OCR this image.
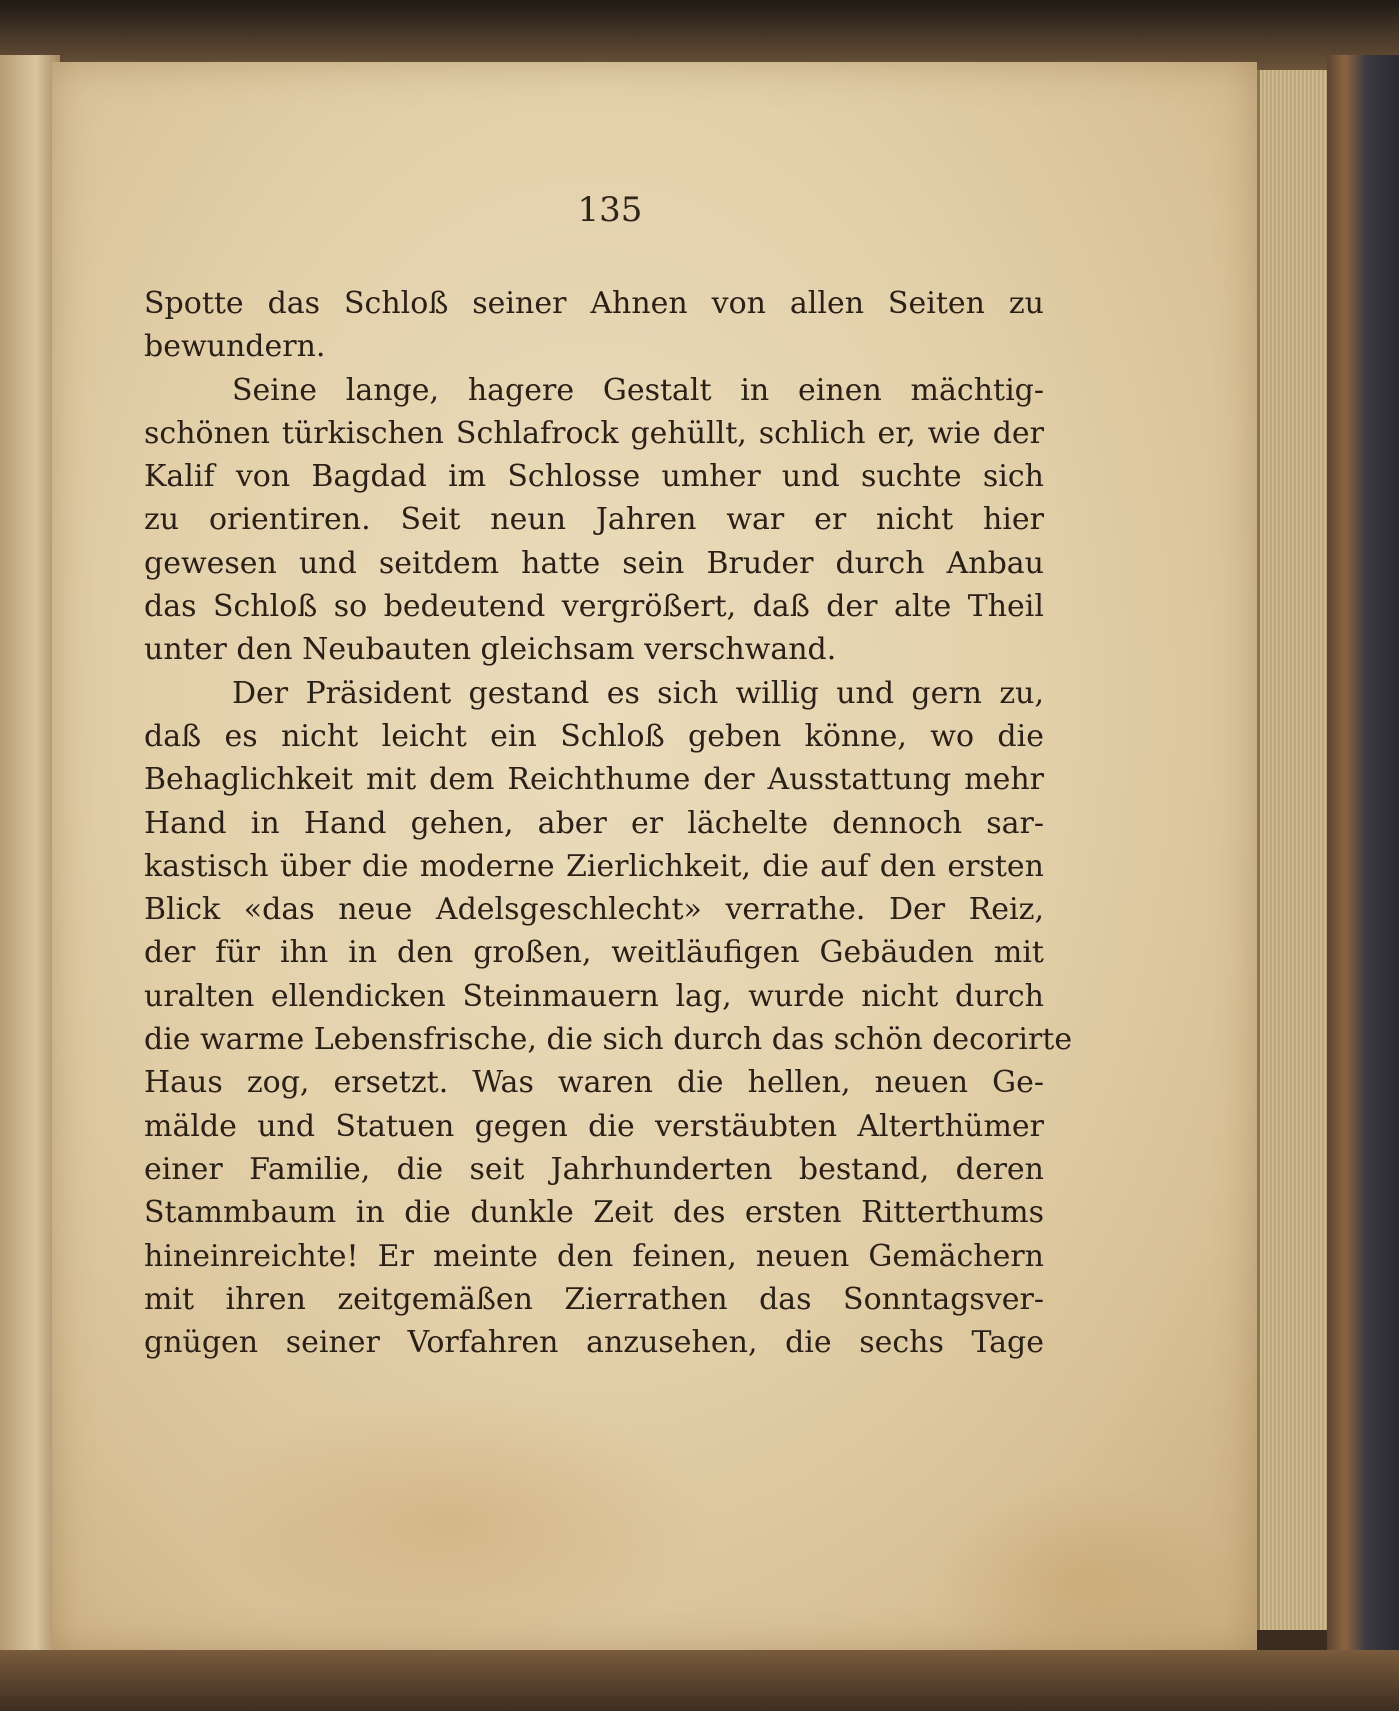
135
Spotte das Schloß seiner Ahnen von allen Seiten zu
bewundern.
Seine lange, hagere Gestalt in einen mächtig-
schönen türkischen Schlafrock gehüllt, schlich er, wie der
Kalif von Bagdad im Schlosse umher und suchte sich
zu orientiren. Seit neun Jahren war er nicht hier
gewesen und seitdem hatte sein Bruder durch Anbau
das Schloß so bedeutend vergrößert, daß der alte Theil
unter den Neubauten gleichsam verschwand.
Der Präsident gestand es sich willig und gern zu,
daß es nicht leicht ein Schloß geben könne, wo die
Behaglichkeit mit dem Reichthume der Ausstattung mehr
Hand in Hand gehen, aber er lächelte dennoch sar-
kastisch über die moderne Zierlichkeit, die auf den ersten
Blick «das neue Adelsgeschlecht» verrathe. Der Reiz,
der für ihn in den großen, weitläufigen Gebäuden mit
uralten ellendicken Steinmauern lag, wurde nicht durch
die warme Lebensfrische, die sich durch das schön decorirte
Haus zog, ersetzt. Was waren die hellen, neuen Ge-
mälde und Statuen gegen die verstäubten Alterthümer
einer Familie, die seit Jahrhunderten bestand, deren
Stammbaum in die dunkle Zeit des ersten Ritterthums
hineinreichte! Er meinte den feinen, neuen Gemächern
mit ihren zeitgemäßen Zierrathen das Sonntagsver-
gnügen seiner Vorfahren anzusehen, die sechs Tage
